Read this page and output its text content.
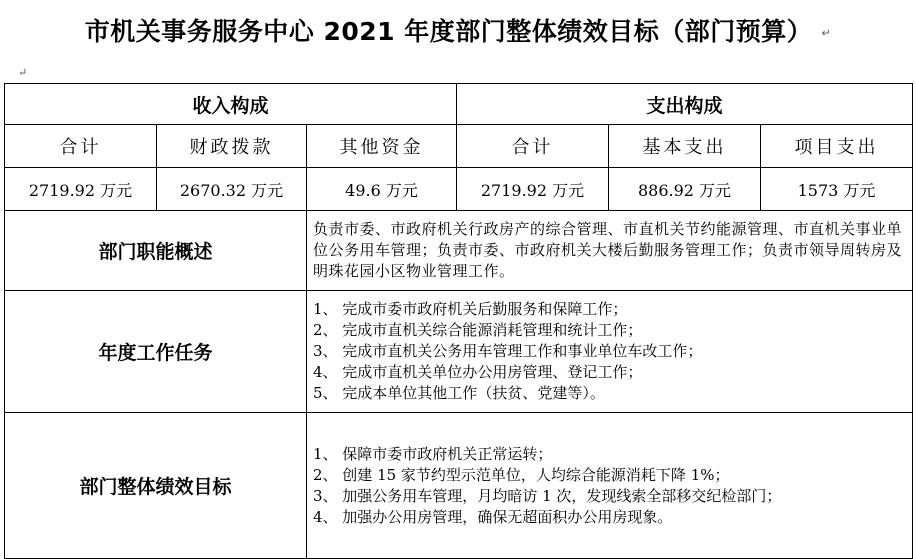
市机关事务服务中心 2021 年度部门整体绩效目标（部门预算） ↵
↵
收入构成			支出构成		
合计	财政拨款	其他资金	合计	基本支出	项目支出
2719.92 万元	2670.32 万元	49.6 万元	2719.92 万元	886.92 万元	1573 万元
部门职能概述		负责市委、市政府机关行政房产的综合管理、市直机关节约能源管理、市直机关事业单位公务用车管理；负责市委、市政府机关大楼后勤服务管理工作；负责市领导周转房及明珠花园小区物业管理工作。			
年度工作任务		1、 完成市委市政府机关后勤服务和保障工作；
2、 完成市直机关综合能源消耗管理和统计工作；
3、 完成市直机关公务用车管理工作和事业单位车改工作；
4、 完成市直机关单位办公用房管理、登记工作；
5、 完成本单位其他工作（扶贫、党建等）。			

部门整体绩效目标		1、 保障市委市政府机关正常运转；
2、 创建 15 家节约型示范单位，人均综合能源消耗下降 1%；
3、 加强公务用车管理，月均暗访 1 次，发现线索全部移交纪检部门；
4、 加强办公用房管理，确保无超面积办公用房现象。			
